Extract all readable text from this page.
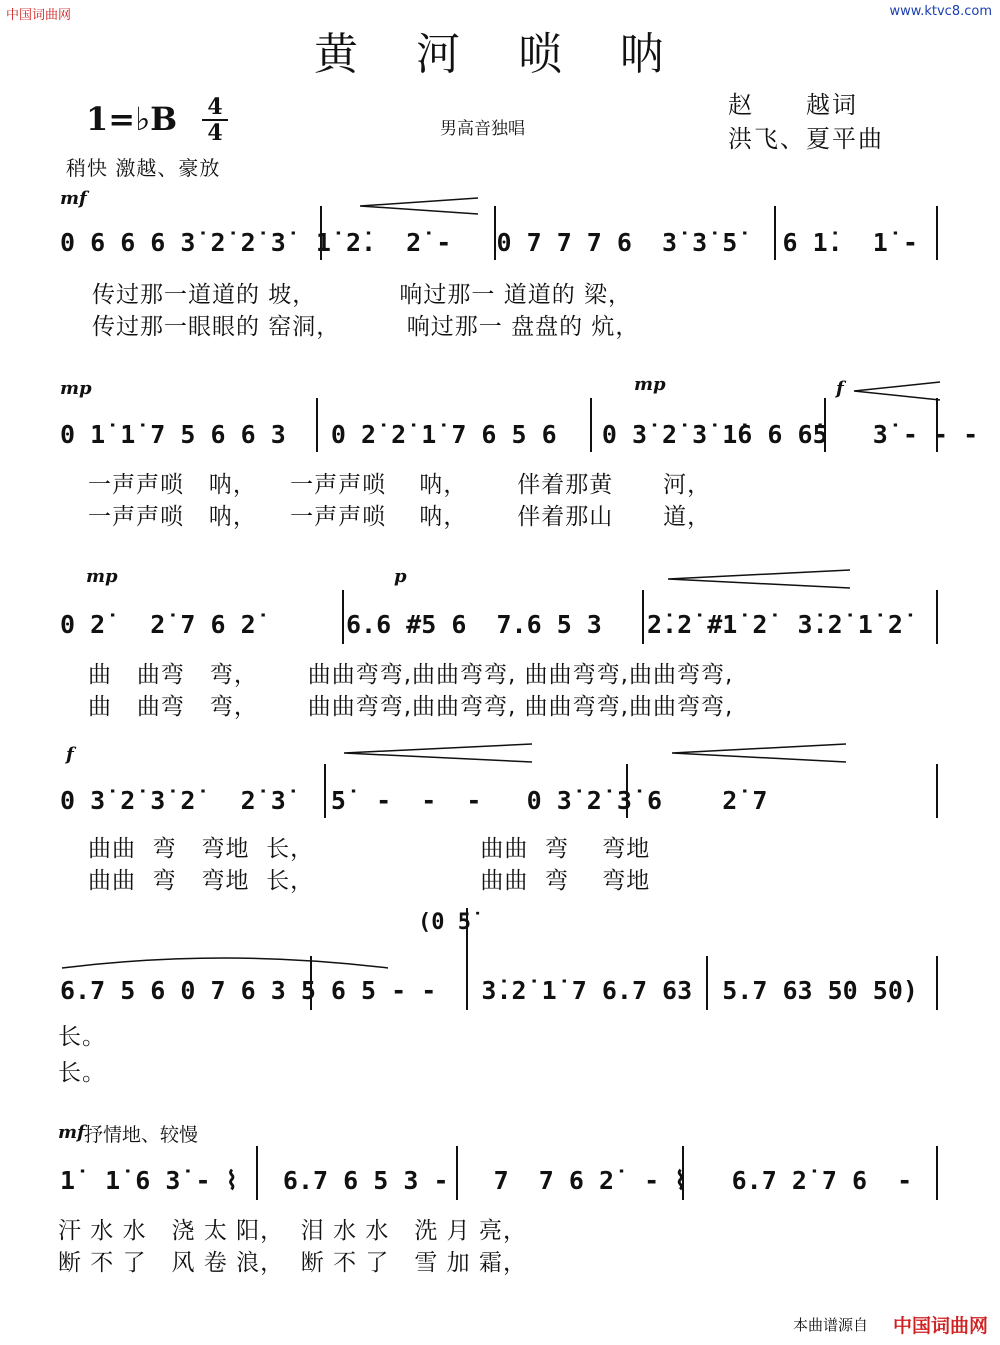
中国词曲网	www.ktvc8.com
黄 河 唢 呐
1=♭B 4
4	男高音独唱
赵　　越词
洪飞、夏平曲
稍快 激越、豪放
mf
0 6 6 6 3̇ 2̇ 2̇ 3̇  1̇ 2̇.  2̇ -   0 7 7 7 6  3̇ 3̇ 5̇   6 1̇.  1̇ -
传过那一道道的 坡，          响过那一 道道的 梁，
传过那一眼眼的 窑洞，        响过那一 盘盘的 炕，
mp	mp	f
0 1̇ 1̇ 7 5 6 6 3   0 2̇ 2̇ 1̇ 7 6 5 6   0 3̇ 2̇ 3̇ 1̇6 6 6̇5   3̇ - - -
一声声唢   呐，    一声声唢    呐，      伴着那黄      河，
一声声唢   呐，    一声声唢    呐，      伴着那山      道，
mp	p
0 2̇   2̇ 7 6 2̇      6.6 #5 6  7.6 5 3   2̇.2̇ #1̇ 2̇  3̇.2̇ 1̇ 2̇
曲   曲弯   弯，      曲曲弯弯,曲曲弯弯, 曲曲弯弯,曲曲弯弯,
曲   曲弯   弯，      曲曲弯弯,曲曲弯弯, 曲曲弯弯,曲曲弯弯,
f
0 3̇ 2̇ 3̇ 2̇   2̇ 3̇   5̇  -  -  -   0 3̇ 2̇ 3̇ 6    2̇ 7
曲曲  弯   弯地  长，                    曲曲  弯    弯地
曲曲  弯   弯地  长，                    曲曲  弯    弯地
(0 5̇
6.7 5 6 0 7 6 3 5 6 5 - -   3̇.2̇ 1̇ 7 6.7 63  5.7 63 50 50)
长。
长。
mf 抒情地、较慢
1̇  1̇ 6 3̇ - ⌇   6.7 6 5 3 -   7  7 6 2̇  - ⌇   6.7 2̇ 7 6  -
汗 水 水   浇 太 阳，  泪 水 水   洗 月 亮，
断 不 了   风 卷 浪，  断 不 了   雪 加 霜，
本曲谱源自 中国词曲网
